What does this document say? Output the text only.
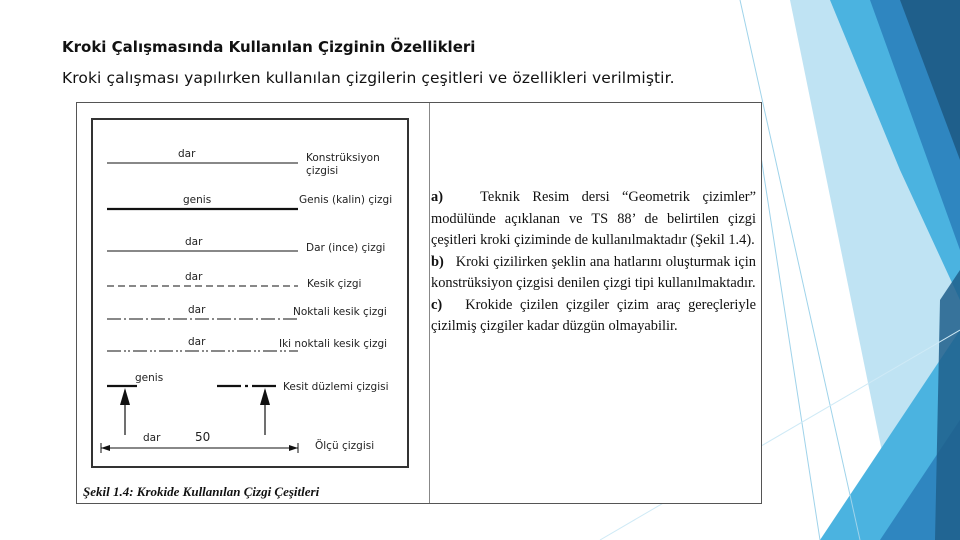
Kroki Çalışmasında Kullanılan Çizginin Özellikleri
Kroki çalışması yapılırken kullanılan çizgilerin çeşitleri ve özellikleri verilmiştir.
dar
genis
dar
dar
dar
dar
genis
dar	50
Konstrüksiyon
çizgisi
Genis (kalin) çizgi
Dar (ince) çizgi
Kesik çizgi
Noktali kesik çizgi
Iki noktali kesik çizgi
Kesit düzlemi çizgisi
Ölçü çizgisi
Şekil 1.4: Krokide Kullanılan Çizgi Çeşitleri

a)	Teknik Resim dersi “Geometrik çizimler” modülünde açıklanan ve TS 88’ de belirtilen çizgi çeşitleri kroki çiziminde de kullanılmaktadır (Şekil 1.4).

b) Kroki çizilirken şeklin ana hatlarını oluşturmak için konstrüksiyon çizgisi denilen çizgi tipi kullanılmaktadır.

c) Krokide çizilen çizgiler çizim araç gereçleriyle çizilmiş çizgiler kadar düzgün olmayabilir.
